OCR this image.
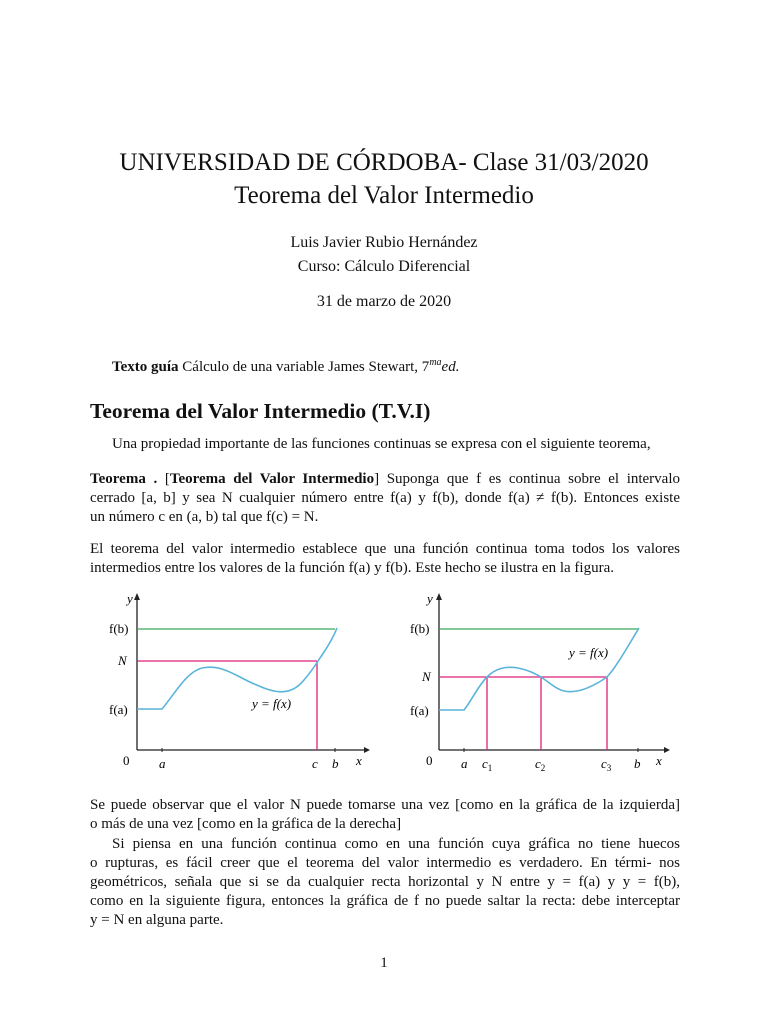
UNIVERSIDAD DE CÓRDOBA- Clase 31/03/2020
Teorema del Valor Intermedio
Luis Javier Rubio Hernández
Curso: Cálculo Diferencial
31 de marzo de 2020
Texto guía Cálculo de una variable James Stewart, $7^{ma}ed$.
Teorema del Valor Intermedio (T.V.I)
Una propiedad importante de las funciones continuas se expresa con el siguiente teorema,
Teorema . [Teorema del Valor Intermedio] Suponga que f es continua sobre el intervalo
cerrado [a, b] y sea N cualquier número entre f(a) y f(b), donde f(a) ≠ f(b). Entonces existe
un número c en (a, b) tal que f(c) = N.
El teorema del valor intermedio establece que una función continua toma todos los valores
intermedios entre los valores de la función f(a) y f(b). Este hecho se ilustra en la figura.
y
x
0
f(b)
N
f(a)
a	c b
y = f(x)
y
x
0
f(b)
N
f(a)
a $c_1$	$c_2$	$c_3$ b
y = f(x)
Se puede observar que el valor N puede tomarse una vez [como en la gráfica de la izquierda]
o más de una vez [como en la gráfica de la derecha]
Si piensa en una función continua como en una función cuya gráfica no tiene huecos
o rupturas, es fácil creer que el teorema del valor intermedio es verdadero. En térmi- nos
geométricos, señala que si se da cualquier recta horizontal y N entre y = f(a) y y = f(b),
como en la siguiente figura, entonces la gráfica de f no puede saltar la recta: debe interceptar
y = N en alguna parte.
1
